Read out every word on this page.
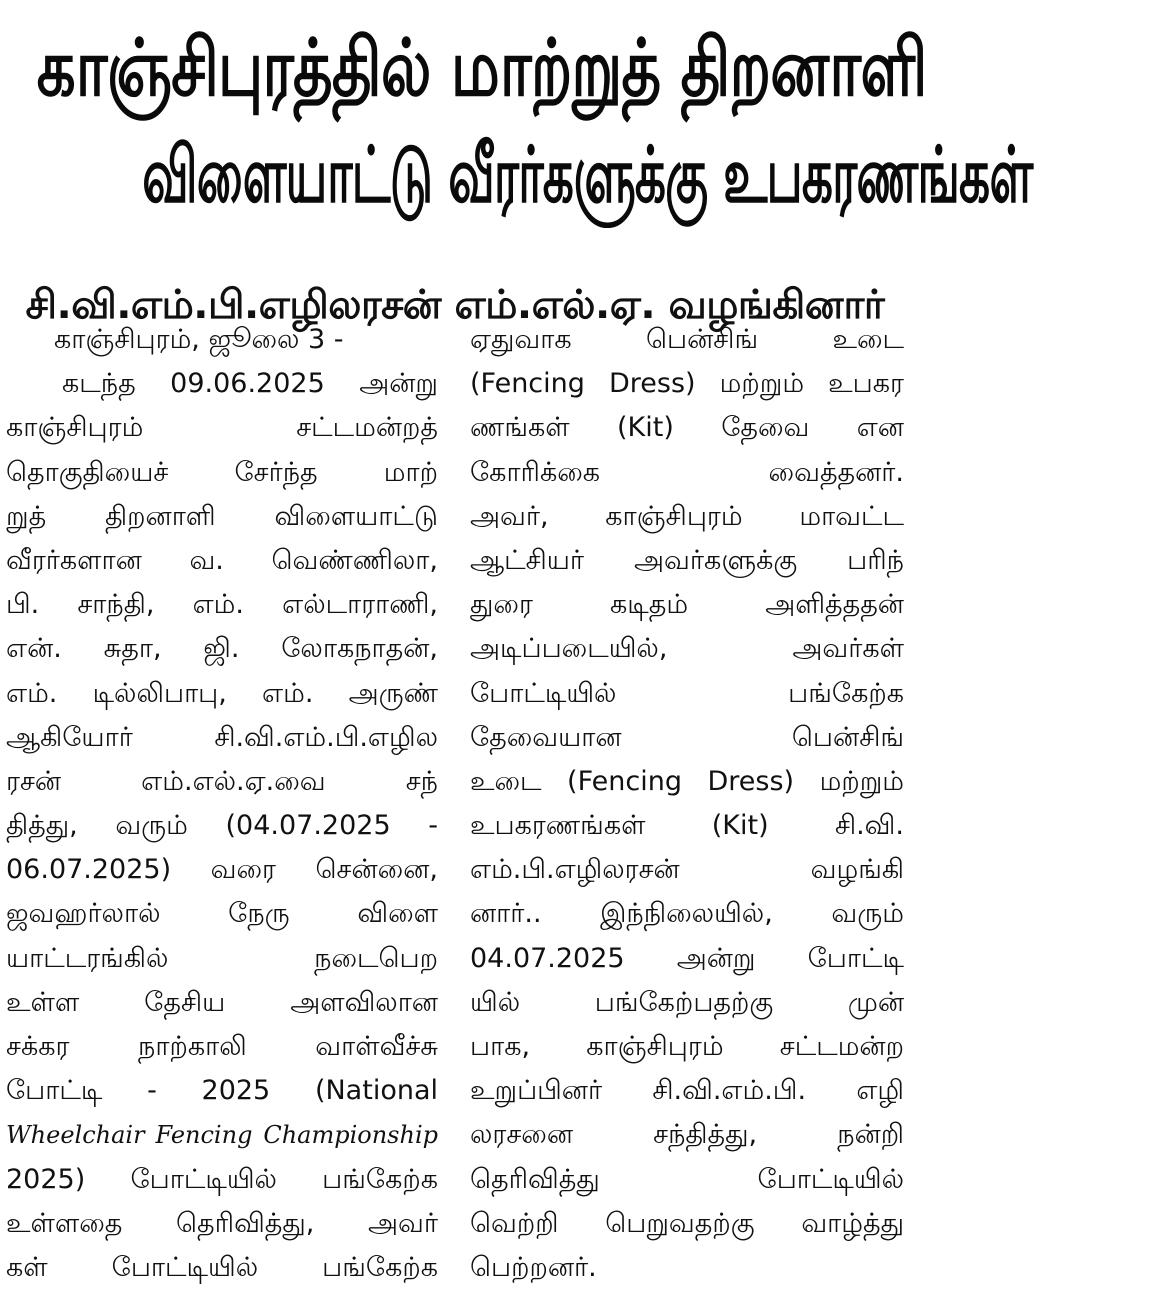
காஞ்சிபுரத்தில் மாற்றுத் திறனாளி
விளையாட்டு வீரர்களுக்கு உபகரணங்கள்
சி.வி.எம்.பி.எழிலரசன் எம்.எல்.ஏ. வழங்கினார்
காஞ்சிபுரம், ஜூலை 3 -
கடந்த 09.06.2025 அன்று
காஞ்சிபுரம் சட்டமன்றத்
தொகுதியைச் சேர்ந்த மாற்
றுத் திறனாளி விளையாட்டு
வீரர்களான வ. வெண்ணிலா,
பி. சாந்தி, எம். எல்டாராணி,
என். சுதா, ஜி. லோகநாதன்,
எம். டில்லிபாபு, எம். அருண்
ஆகியோர் சி.வி.எம்.பி.எழில
ரசன் எம்.எல்.ஏ.வை சந்
தித்து, வரும் (04.07.2025 -
06.07.2025) வரை சென்னை,
ஜவஹர்லால் நேரு விளை
யாட்டரங்கில் நடைபெற
உள்ள தேசிய அளவிலான
சக்கர நாற்காலி வாள்வீச்சு
போட்டி - 2025 (National
Wheelchair Fencing Championship
2025) போட்டியில் பங்கேற்க
உள்ளதை தெரிவித்து, அவர்
கள் போட்டியில் பங்கேற்க
ஏதுவாக பென்சிங் உடை
(Fencing Dress) மற்றும் உபகர
ணங்கள் (Kit) தேவை என
கோரிக்கை வைத்தனர்.
அவர், காஞ்சிபுரம் மாவட்ட
ஆட்சியர் அவர்களுக்கு பரிந்
துரை கடிதம் அளித்ததன்
அடிப்படையில், அவர்கள்
போட்டியில் பங்கேற்க
தேவையான பென்சிங்
உடை (Fencing Dress) மற்றும்
உபகரணங்கள் (Kit) சி.வி.
எம்.பி.எழிலரசன் வழங்கி
னார்.. இந்நிலையில், வரும்
04.07.2025 அன்று போட்டி
யில் பங்கேற்பதற்கு முன்
பாக, காஞ்சிபுரம் சட்டமன்ற
உறுப்பினர் சி.வி.எம்.பி. எழி
லரசனை சந்தித்து, நன்றி
தெரிவித்து போட்டியில்
வெற்றி பெறுவதற்கு வாழ்த்து
பெற்றனர்.
